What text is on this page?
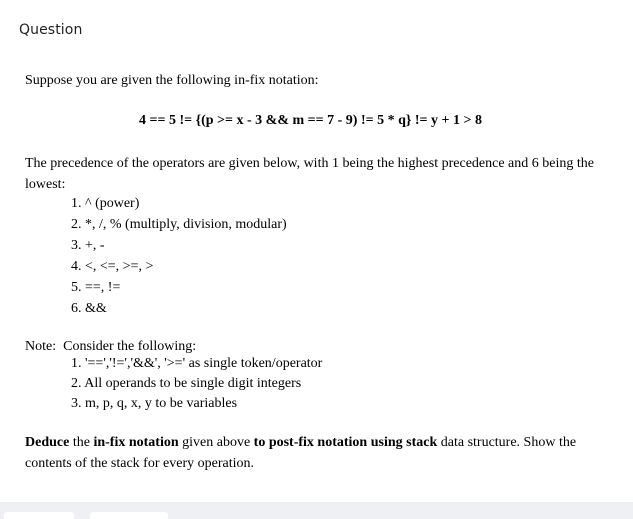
Question

Suppose you are given the following in-fix notation:

4 == 5 != {(p >= x - 3 && m == 7 - 9) != 5 * q} != y + 1 > 8
The precedence of the operators are given below, with 1 being the highest precedence and 6 being the lowest:
1. ^ (power)
2. *, /, % (multiply, division, modular)
3. +, -
4. <, <=, >=, >
5. ==, !=
6. &&
Note: Consider the following:
1. '==','!=','&&', '>=' as single token/operator
2. All operands to be single digit integers
3. m, p, q, x, y to be variables
Deduce the in-fix notation given above to post-fix notation using stack data structure. Show the contents of the stack for every operation.
